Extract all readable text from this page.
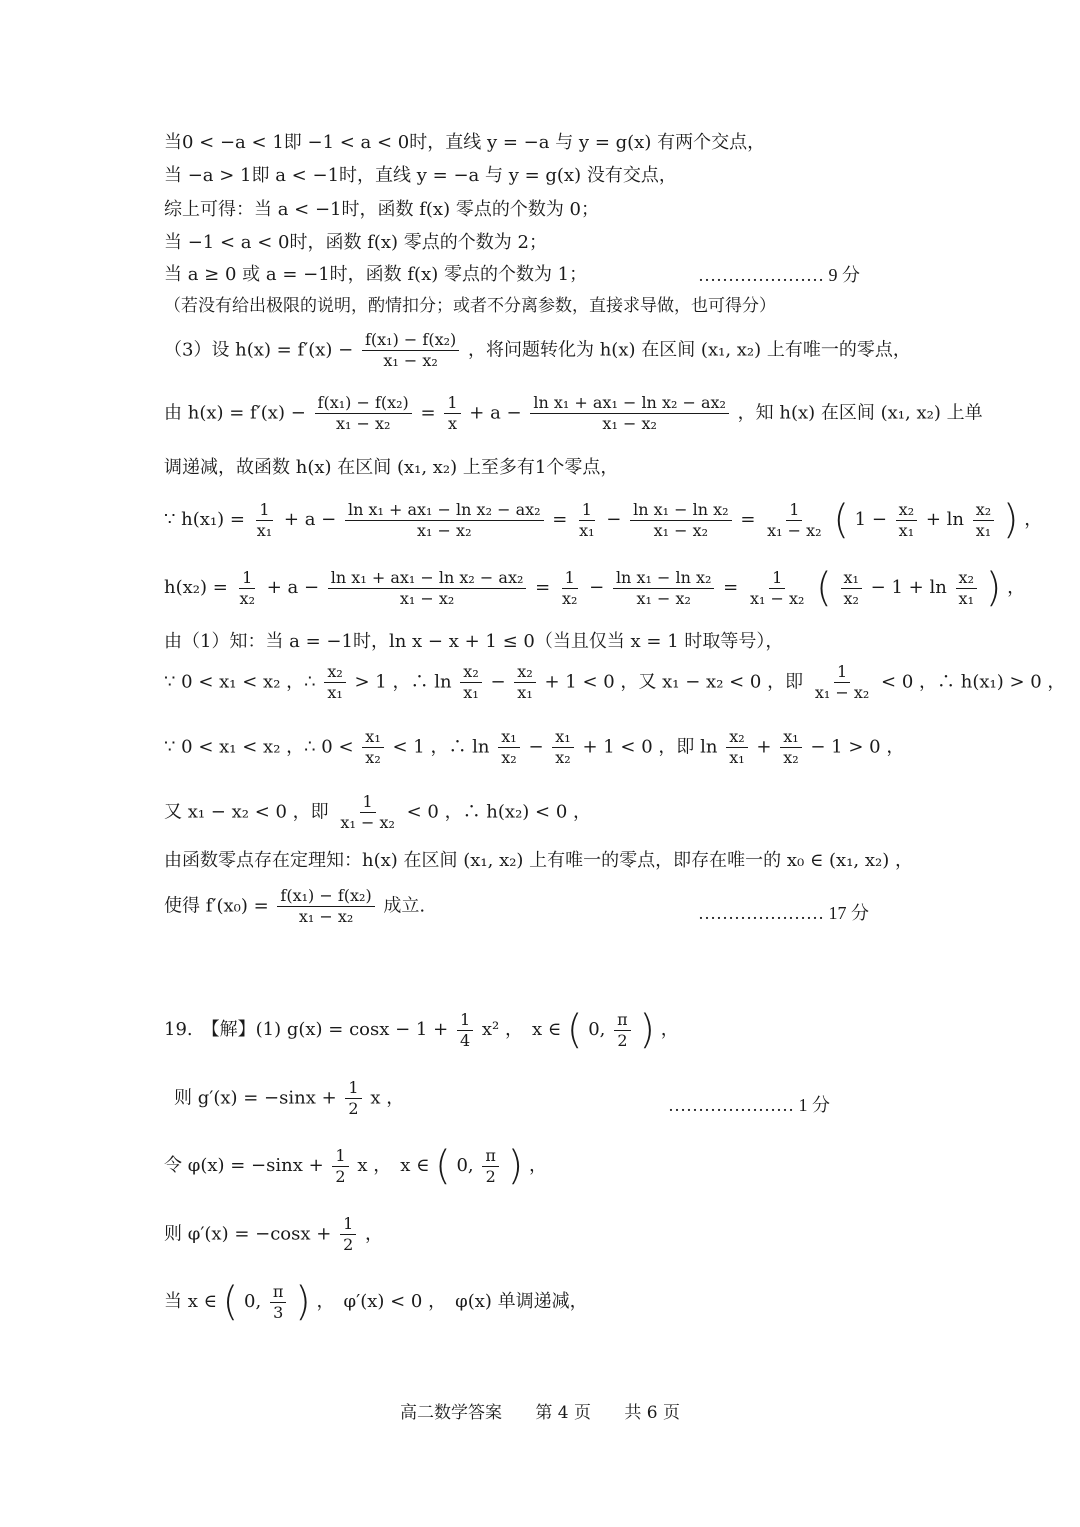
当0 < −a < 1即 −1 < a < 0时，直线 y = −a 与 y = g(x) 有两个交点，
当 −a > 1即 a < −1时，直线 y = −a 与 y = g(x) 没有交点，
综上可得：当 a < −1时，函数 f(x) 零点的个数为 0；
当 −1 < a < 0时，函数 f(x) 零点的个数为 2；
当 a ≥ 0 或 a = −1时，函数 f(x) 零点的个数为 1；	………………… 9 分
（若没有给出极限的说明，酌情扣分；或者不分离参数，直接求导做，也可得分）
（3）设 $h(x) = f'(x) - \frac{\text{f(x₁) − f(x₂)}}{\text{x₁ − x₂}}$ ，将问题转化为 h(x) 在区间 (x₁, x₂) 上有唯一的零点，
由 $h(x) = f'(x) - \frac{\text{f(x₁) − f(x₂)}}{\text{x₁ − x₂}} = \frac{1}{x} + a - \frac{\text{ln x₁ + ax₁ − ln x₂ − ax₂}}{\text{x₁ − x₂}}$ ，知 h(x) 在区间 (x₁, x₂) 上单
调递减，故函数 h(x) 在区间 (x₁, x₂) 上至多有1个零点，
∵ $h(x_1) = \frac{1}{\text{x₁}} + a - \frac{\text{ln x₁ + ax₁ − ln x₂ − ax₂}}{\text{x₁ − x₂}} = \frac{1}{\text{x₁}} - \frac{\text{ln x₁ − ln x₂}}{\text{x₁ − x₂}} = \frac{1}{\text{x₁ − x₂}}$ ( $1 - \frac{\text{x₂}}{\text{x₁}} + \ln \frac{\text{x₂}}{\text{x₁}}$ ) ，
$h(x_2) = \frac{1}{\text{x₂}} + a - \frac{\text{ln x₁ + ax₁ − ln x₂ − ax₂}}{\text{x₁ − x₂}} = \frac{1}{\text{x₂}} - \frac{\text{ln x₁ − ln x₂}}{\text{x₁ − x₂}} = \frac{1}{\text{x₁ − x₂}}$ ( $\frac{\text{x₁}}{\text{x₂}} - 1 + \ln \frac{\text{x₂}}{\text{x₁}}$ ) ，
由（1）知：当 a = −1时，ln x − x + 1 ≤ 0（当且仅当 x = 1 时取等号），
∵ 0 < x₁ < x₂ ，∴ $\frac{\text{x₂}}{\text{x₁}} > 1$ ，∴ $\ln \frac{\text{x₂}}{\text{x₁}} - \frac{\text{x₂}}{\text{x₁}} + 1 < 0$ ，又 x₁ − x₂ < 0 ，即 $\frac{1}{\text{x₁ − x₂}} < 0$ ，∴ h(x₁) > 0 ，
∵ 0 < x₁ < x₂ ，∴ $0 < \frac{\text{x₁}}{\text{x₂}} < 1$ ，∴ $\ln \frac{\text{x₁}}{\text{x₂}} - \frac{\text{x₁}}{\text{x₂}} + 1 < 0$ ，即 $\ln \frac{\text{x₂}}{\text{x₁}} + \frac{\text{x₁}}{\text{x₂}} - 1 > 0$ ，
又 x₁ − x₂ < 0 ，即 $\frac{1}{\text{x₁ − x₂}} < 0$ ，∴ h(x₂) < 0 ，
由函数零点存在定理知：h(x) 在区间 (x₁, x₂) 上有唯一的零点，即存在唯一的 x₀ ∈ (x₁, x₂) ，
使得 $f'(x_0) = \frac{\text{f(x₁) − f(x₂)}}{\text{x₁ − x₂}}$ 成立.	………………… 17 分
19.　【解】(1) $g(x) = \cos x - 1 + \frac{1}{4} x^2$ ，　x ∈ ( 0, $\frac{\pi}{2}$ ) ，
则 $g'(x) = -\sin x + \frac{1}{2}$ x ，	………………… 1 分
令 $\varphi(x) = -\sin x + \frac{1}{2}$ x ，　x ∈ ( 0, $\frac{\pi}{2}$ ) ，
则 $\varphi'(x) = -\cos x + \frac{1}{2}$ ，
当 x ∈ ( 0, $\frac{\pi}{3}$ ) ，　φ′(x) < 0 ，　φ(x) 单调递减，
高二数学答案 第 4 页 共 6 页
